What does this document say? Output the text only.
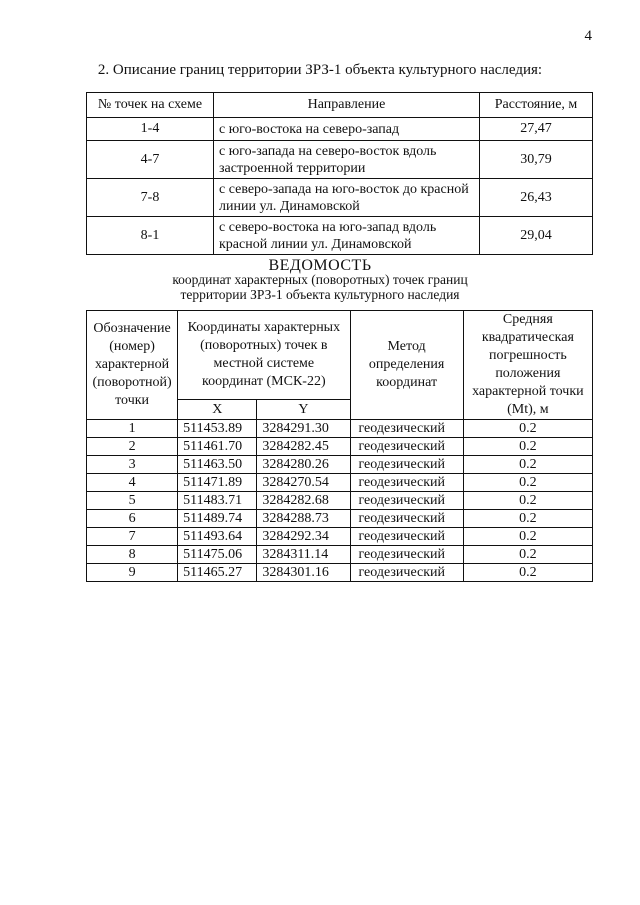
4
2. Описание границ территории ЗРЗ-1 объекта культурного наследия:
№ точек на схеме	Направление	Расстояние, м
1-4	с юго-востока на северо-запад	27,47
4-7	с юго-запада на северо-восток вдоль застроенной территории	30,79
7-8	с северо-запада на юго-восток до красной линии ул. Динамовской	26,43
8-1	с северо-востока на юго-запад вдоль красной линии ул. Динамовской	29,04
ВЕДОМОСТЬ
координат характерных (поворотных) точек границ
территории ЗРЗ-1 объекта культурного наследия
Обозначение (номер) характерной (поворотной) точки	Координаты характерных (поворотных) точек в местной системе координат (МСК-22)		Метод определения координат	Средняя квадратическая погрешность положения характерной точки (Mt), м
	X	Y		
1	511453.89	3284291.30	геодезический	0.2
2	511461.70	3284282.45	геодезический	0.2
3	511463.50	3284280.26	геодезический	0.2
4	511471.89	3284270.54	геодезический	0.2
5	511483.71	3284282.68	геодезический	0.2
6	511489.74	3284288.73	геодезический	0.2
7	511493.64	3284292.34	геодезический	0.2
8	511475.06	3284311.14	геодезический	0.2
9	511465.27	3284301.16	геодезический	0.2
